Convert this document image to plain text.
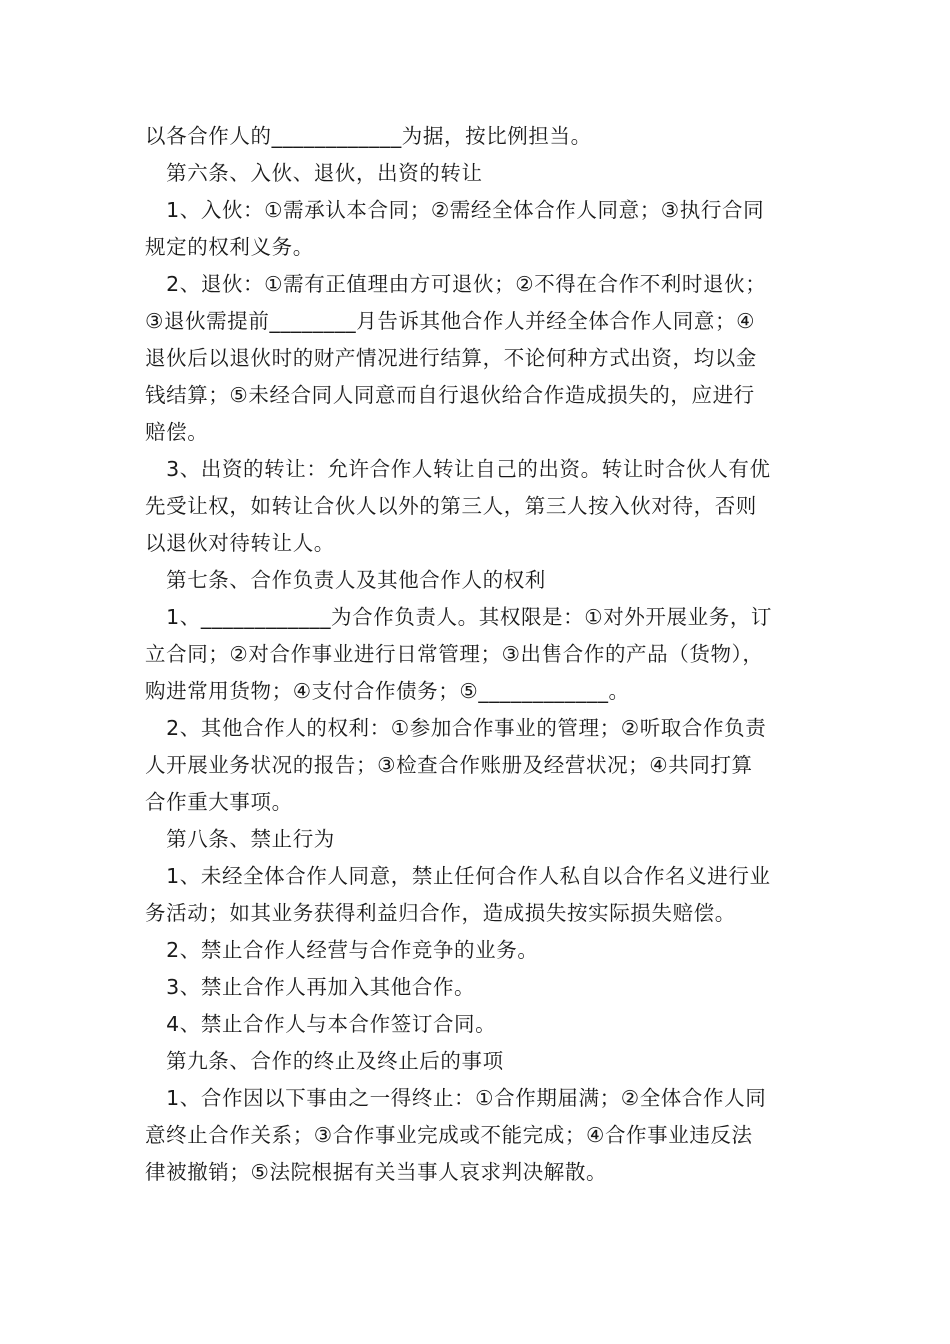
以各合作人的____________为据，按比例担当。
　第六条、入伙、退伙，出资的转让
　1、入伙：①需承认本合同；②需经全体合作人同意；③执行合同
规定的权利义务。
　2、退伙：①需有正值理由方可退伙；②不得在合作不利时退伙；
③退伙需提前________月告诉其他合作人并经全体合作人同意；④
退伙后以退伙时的财产情况进行结算，不论何种方式出资，均以金
钱结算；⑤未经合同人同意而自行退伙给合作造成损失的，应进行
赔偿。
　3、出资的转让：允许合作人转让自己的出资。转让时合伙人有优
先受让权，如转让合伙人以外的第三人，第三人按入伙对待，否则
以退伙对待转让人。
　第七条、合作负责人及其他合作人的权利
　1、____________为合作负责人。其权限是：①对外开展业务，订
立合同；②对合作事业进行日常管理；③出售合作的产品（货物），
购进常用货物；④支付合作债务；⑤____________。
　2、其他合作人的权利：①参加合作事业的管理；②听取合作负责
人开展业务状况的报告；③检查合作账册及经营状况；④共同打算
合作重大事项。
　第八条、禁止行为
　1、未经全体合作人同意，禁止任何合作人私自以合作名义进行业
务活动；如其业务获得利益归合作，造成损失按实际损失赔偿。
　2、禁止合作人经营与合作竞争的业务。
　3、禁止合作人再加入其他合作。
　4、禁止合作人与本合作签订合同。
　第九条、合作的终止及终止后的事项
　1、合作因以下事由之一得终止：①合作期届满；②全体合作人同
意终止合作关系；③合作事业完成或不能完成；④合作事业违反法
律被撤销；⑤法院根据有关当事人哀求判决解散。
